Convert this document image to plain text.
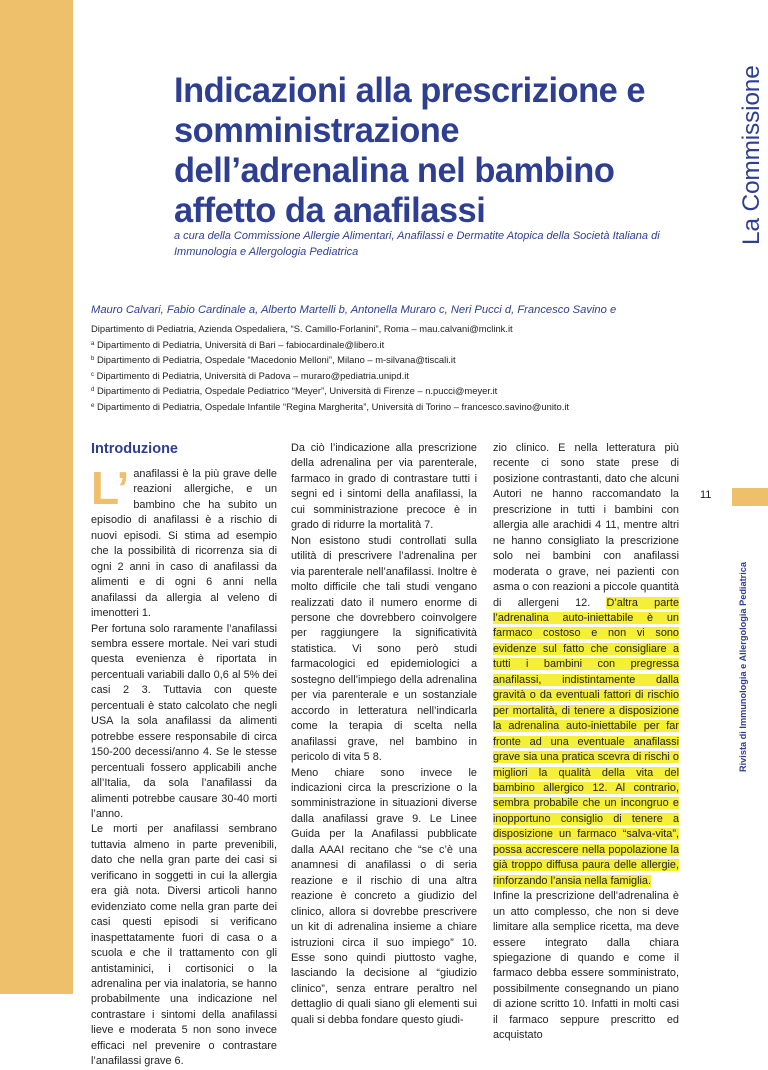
Indicazioni alla prescrizione e somministrazione dell’adrenalina nel bambino affetto da anafilassi
a cura della Commissione Allergie Alimentari, Anafilassi e Dermatite Atopica della Società Italiana di Immunologia e Allergologia Pediatrica
La Commissione
Mauro Calvari, Fabio Cardinale a, Alberto Martelli b, Antonella Muraro c, Neri Pucci d, Francesco Savino e
Dipartimento di Pediatria, Azienda Ospedaliera, “S. Camillo-Forlanini”, Roma – mau.calvani@mclink.it
$^a$ Dipartimento di Pediatria, Università di Bari – fabiocardinale@libero.it
$^b$ Dipartimento di Pediatria, Ospedale “Macedonio Melloni”, Milano – m-silvana@tiscali.it
$^c$ Dipartimento di Pediatria, Università di Padova – muraro@pediatria.unipd.it
$^d$ Dipartimento di Pediatria, Ospedale Pediatrico “Meyer”, Università di Firenze – n.pucci@meyer.it
$^e$ Dipartimento di Pediatria, Ospedale Infantile “Regina Margherita”, Università di Torino – francesco.savino@unito.it
Introduzione

L’ anafilassi è la più grave delle reazioni allergiche, e un bambino che ha subito un episodio di anafilassi è a rischio di nuovi episodi. Si stima ad esempio che la possibilità di ricorrenza sia di ogni 2 anni in caso di anafilassi da alimenti e di ogni 6 anni nella anafilassi da allergia al veleno di imenotteri 1.

Per fortuna solo raramente l’anafilassi sembra essere mortale. Nei vari studi questa evenienza è riportata in percentuali variabili dallo 0,6 al 5% dei casi 2 3. Tuttavia con queste percentuali è stato calcolato che negli USA la sola anafilassi da alimenti potrebbe essere responsabile di circa 150-200 decessi/anno 4. Se le stesse percentuali fossero applicabili anche all’Italia, da sola l’anafilassi da alimenti potrebbe causare 30-40 morti l’anno.

Le morti per anafilassi sembrano tuttavia almeno in parte prevenibili, dato che nella gran parte dei casi si verificano in soggetti in cui la allergia era già nota. Diversi articoli hanno evidenziato come nella gran parte dei casi questi episodi si verificano inaspettatamente fuori di casa o a scuola e che il trattamento con gli antistaminici, i cortisonici o la adrenalina per via inalatoria, se hanno probabilmente una indicazione nel contrastare i sintomi della anafilassi lieve e moderata 5 non sono invece efficaci nel prevenire o contrastare l’anafilassi grave 6.

Da ciò l’indicazione alla prescrizione della adrenalina per via parenterale, farmaco in grado di contrastare tutti i segni ed i sintomi della anafilassi, la cui somministrazione precoce è in grado di ridurre la mortalità 7.

Non esistono studi controllati sulla utilità di prescrivere l’adrenalina per via parenterale nell’anafilassi. Inoltre è molto difficile che tali studi vengano realizzati dato il numero enorme di persone che dovrebbero coinvolgere per raggiungere la significatività statistica. Vi sono però studi farmacologici ed epidemiologici a sostegno dell’impiego della adrenalina per via parenterale e un sostanziale accordo in letteratura nell’indicarla come la terapia di scelta nella anafilassi grave, nel bambino in pericolo di vita 5 8.

Meno chiare sono invece le indicazioni circa la prescrizione o la somministrazione in situazioni diverse dalla anafilassi grave 9. Le Linee Guida per la Anafilassi pubblicate dalla AAAI recitano che “se c’è una anamnesi di anafilassi o di seria reazione e il rischio di una altra reazione è concreto a giudizio del clinico, allora si dovrebbe prescrivere un kit di adrenalina insieme a chiare istruzioni circa il suo impiego” 10. Esse sono quindi piuttosto vaghe, lasciando la decisione al “giudizio clinico”, senza entrare peraltro nel dettaglio di quali siano gli elementi sui quali si debba fondare questo giudi-

zio clinico. E nella letteratura più recente ci sono state prese di posizione contrastanti, dato che alcuni Autori ne hanno raccomandato la prescrizione in tutti i bambini con allergia alle arachidi 4 11, mentre altri ne hanno consigliato la prescrizione solo nei bambini con anafilassi moderata o grave, nei pazienti con asma o con reazioni a piccole quantità di allergeni 12. D’altra parte l’adrenalina auto-iniettabile è un farmaco costoso e non vi sono evidenze sul fatto che consigliare a tutti i bambini con pregressa anafilassi, indistintamente dalla gravità o da eventuali fattori di rischio per mortalità, di tenere a disposizione la adrenalina auto-iniettabile per far fronte ad una eventuale anafilassi grave sia una pratica scevra di rischi o migliori la qualità della vita del bambino allergico 12. Al contrario, sembra probabile che un incongruo e inopportuno consiglio di tenere a disposizione un farmaco “salva-vita”, possa accrescere nella popolazione la già troppo diffusa paura delle allergie, rinforzando l’ansia nella famiglia.

Infine la prescrizione dell’adrenalina è un atto complesso, che non si deve limitare alla semplice ricetta, ma deve essere integrato dalla chiara spiegazione di quando e come il farmaco debba essere somministrato, possibilmente consegnando un piano di azione scritto 10. Infatti in molti casi il farmaco seppure prescritto ed acquistato

11
Rivista di Immunologia e Allergologia Pediatrica
